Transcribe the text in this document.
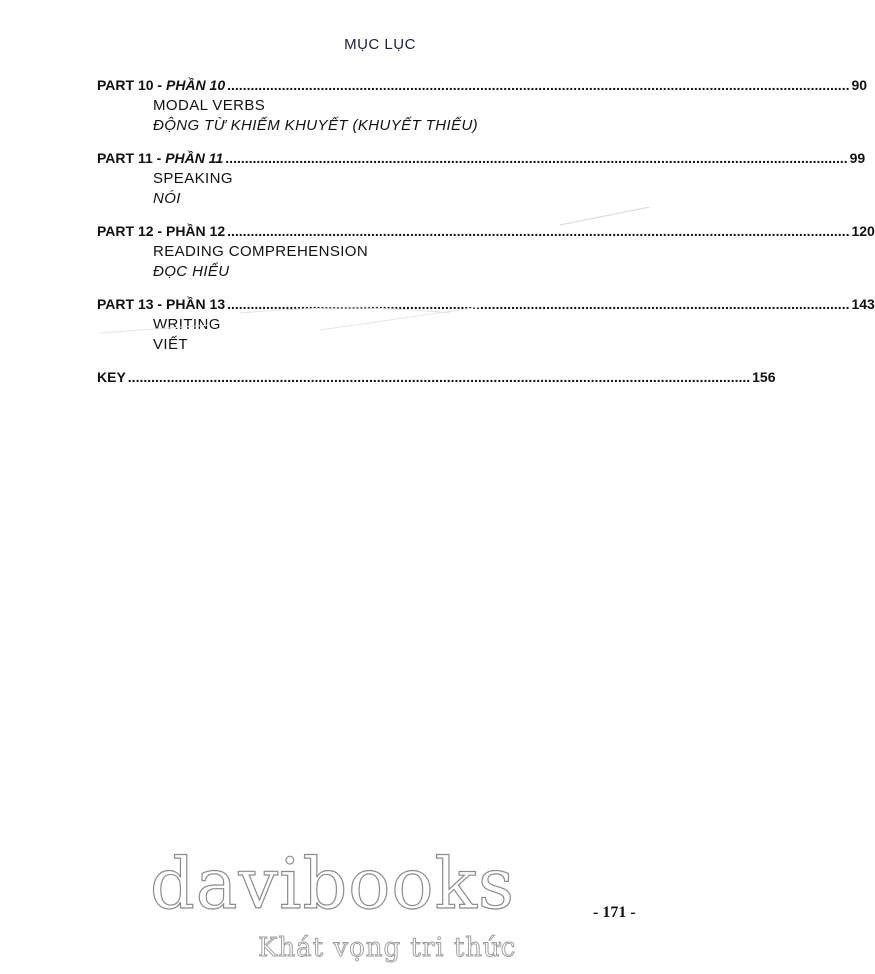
MỤC LỤC
PART 10 - PHẦN 10 ................................................................................................................................................................ 90
MODAL VERBS
ĐỘNG TỪ KHIẾM KHUYẾT (KHUYẾT THIẾU)
PART 11 - PHẦN 11 ................................................................................................................................................................ 99
SPEAKING
NÓI
PART 12 - PHẦN 12 ................................................................................................................................................................ 120
READING COMPREHENSION
ĐỌC HIỂU
PART 13 - PHẦN 13 ................................................................................................................................................................ 143
WRITING
VIẾT
KEY ................................................................................................................................................................ 156
davibooks
Khát vọng tri thức
- 171 -
